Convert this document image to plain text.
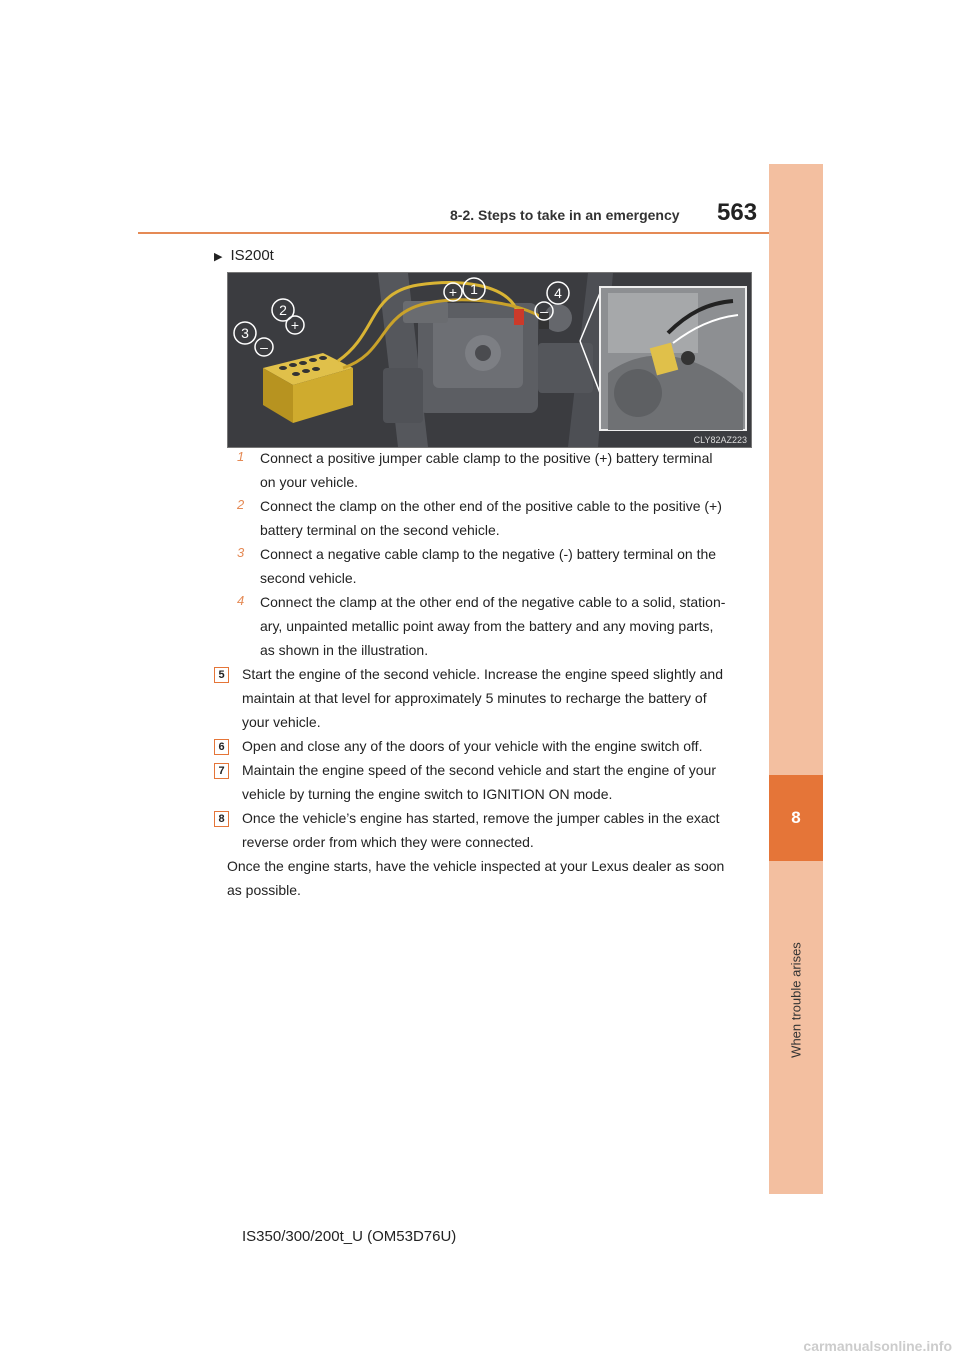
8-2. Steps to take in an emergency 563
8
When trouble arises
▶ IS200t
2
3
1	4
+
+
–
–
CLY82AZ223
1 Connect a positive jumper cable clamp to the positive (+) battery terminal
on your vehicle.
2 Connect the clamp on the other end of the positive cable to the positive (+)
battery terminal on the second vehicle.
3 Connect a negative cable clamp to the negative (-) battery terminal on the
second vehicle.
4 Connect the clamp at the other end of the negative cable to a solid, station-
ary, unpainted metallic point away from the battery and any moving parts,
as shown in the illustration.
5	Start the engine of the second vehicle. Increase the engine speed slightly and
maintain at that level for approximately 5 minutes to recharge the battery of
your vehicle.
6	Open and close any of the doors of your vehicle with the engine switch off.
7	Maintain the engine speed of the second vehicle and start the engine of your
vehicle by turning the engine switch to IGNITION ON mode.
8	Once the vehicle’s engine has started, remove the jumper cables in the exact
reverse order from which they were connected.
Once the engine starts, have the vehicle inspected at your Lexus dealer as soon
as possible.
IS350/300/200t_U (OM53D76U)
carmanualsonline.info
